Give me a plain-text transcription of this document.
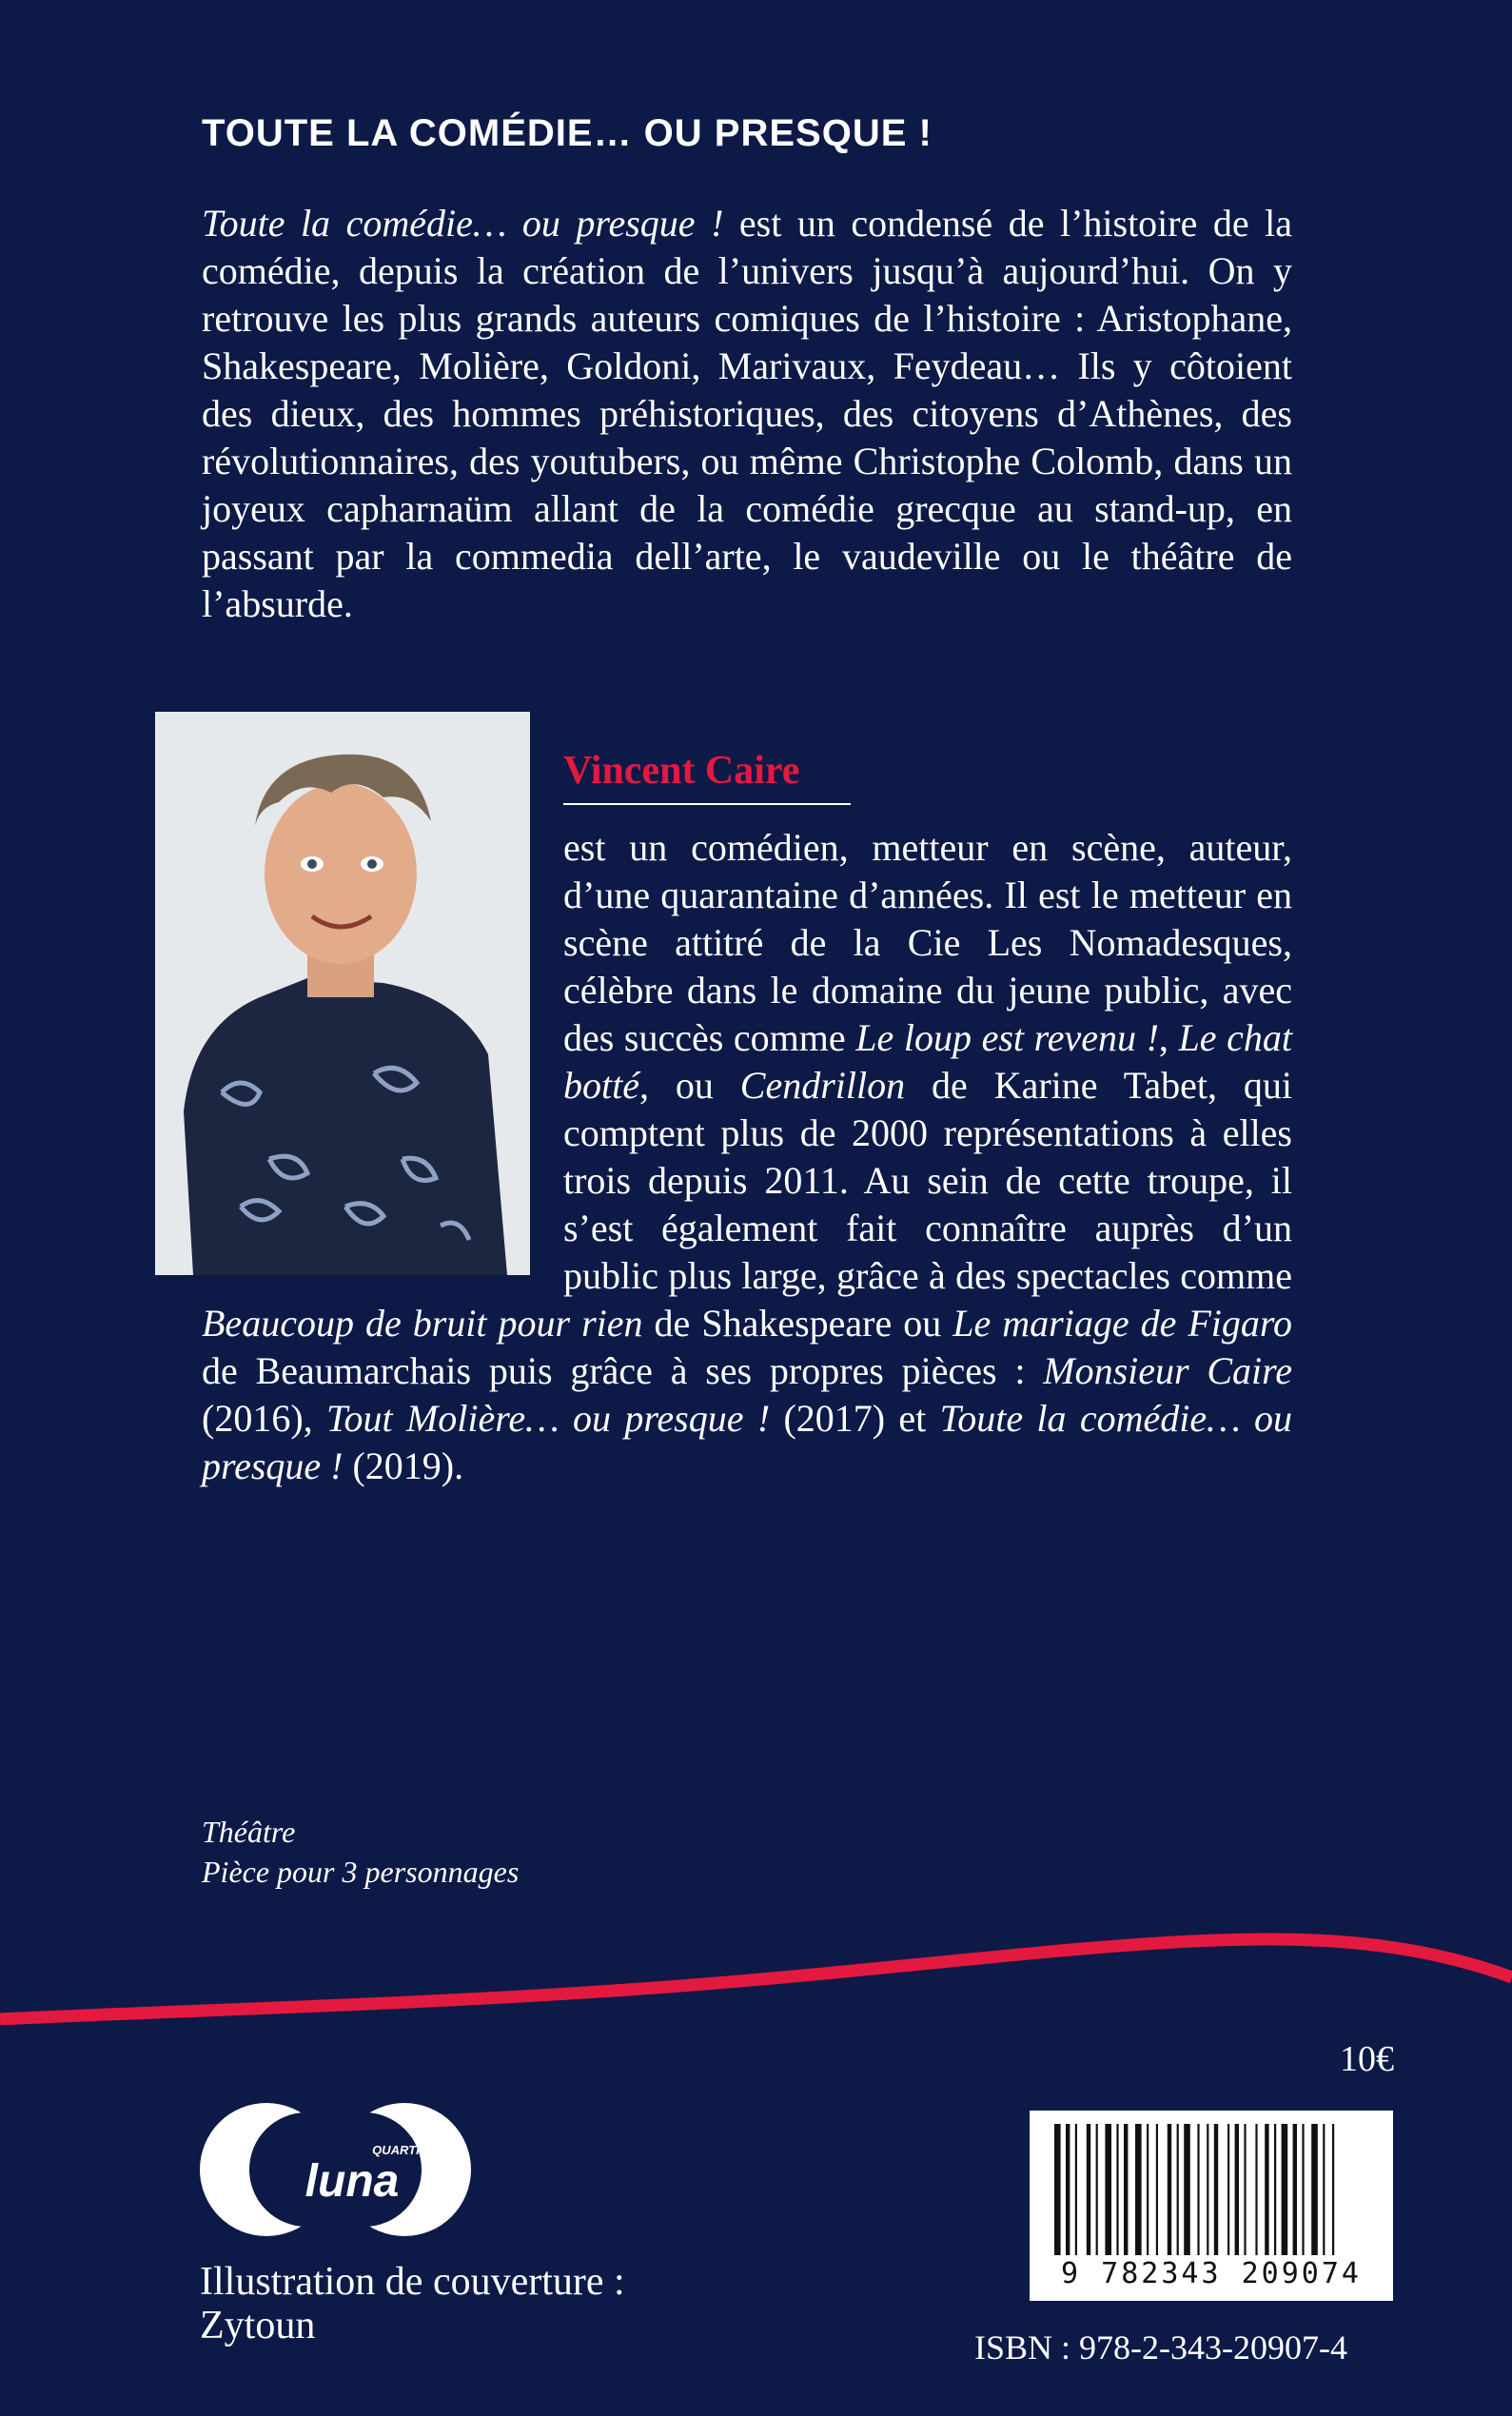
TOUTE LA COMÉDIE… OU PRESQUE !

Toute la comédie… ou presque ! est un condensé de l’histoire de la comédie, depuis la création de l’univers jusqu’à aujourd’hui. On y retrouve les plus grands auteurs comiques de l’histoire : Aristophane, Shakespeare, Molière, Goldoni, Marivaux, Feydeau… Ils y côtoient des dieux, des hommes préhistoriques, des citoyens d’Athènes, des révolutionnaires, des youtubers, ou même Christophe Colomb, dans un joyeux capharnaüm allant de la comédie grecque au stand-up, en passant par la commedia dell’arte, le vaudeville ou le théâtre de l’absurde.

Vincent Caire

est un comédien, metteur en scène, auteur, d’une quarantaine d’années. Il est le metteur en scène attitré de la Cie Les Nomadesques, célèbre dans le domaine du jeune public, avec des succès comme Le loup est revenu !, Le chat botté, ou Cendrillon de Karine Tabet, qui comptent plus de 2000 représentations à elles trois depuis 2011. Au sein de cette troupe, il s’est également fait connaître auprès d’un public plus large, grâce à des spectacles comme Beaucoup de bruit pour rien de Shakespeare ou Le mariage de Figaro de Beaumarchais puis grâce à ses propres pièces : Monsieur Caire (2016), Tout Molière… ou presque ! (2017) et Toute la comédie… ou presque ! (2019).

Théâtre
Pièce pour 3 personnages
10€
QUARTIER
luna
Illustration de couverture :
Zytoun
9 782343 209074
ISBN : 978-2-343-20907-4
